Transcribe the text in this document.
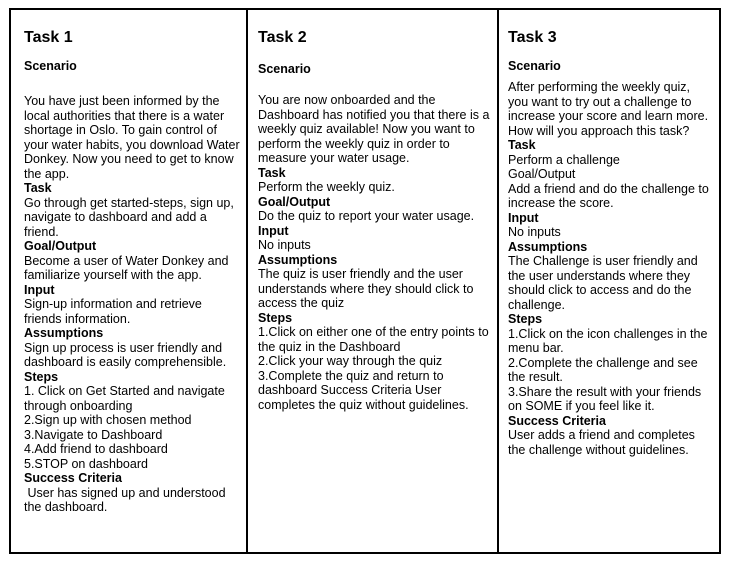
Task 1
Scenario
You have just been informed by the local authorities that there is a water shortage in Oslo. To gain control of your water habits, you download Water Donkey. Now you need to get to know the app.
Task
Go through get started-steps, sign up, navigate to dashboard and add a friend.
Goal/Output
Become a user of Water Donkey and familiarize yourself with the app.
Input
Sign-up information and retrieve friends information.
Assumptions
Sign up process is user friendly and dashboard is easily comprehensible.
Steps
1. Click on Get Started and navigate through onboarding
2.Sign up with chosen method
3.Navigate to Dashboard
4.Add friend to dashboard
5.STOP on dashboard
Success Criteria
User has signed up and understood the dashboard.
Task 2
Scenario
You are now onboarded and the Dashboard has notified you that there is a weekly quiz available! Now you want to perform the weekly quiz in order to measure your water usage.
Task
Perform the weekly quiz.
Goal/Output
Do the quiz to report your water usage.
Input
No inputs
Assumptions
The quiz is user friendly and the user understands where they should click to access the quiz
Steps
1.Click on either one of the entry points to the quiz in the Dashboard
2.Click your way through the quiz
3.Complete the quiz and return to dashboard Success Criteria User completes the quiz without guidelines.
Task 3
Scenario
After performing the weekly quiz, you want to try out a challenge to increase your score and learn more. How will you approach this task?
Task
Perform a challenge
Goal/Output
Add a friend and do the challenge to increase the score.
Input
No inputs
Assumptions
The Challenge is user friendly and the user understands where they should click to access and do the challenge.
Steps
1.Click on the icon challenges in the menu bar.
2.Complete the challenge and see the result.
3.Share the result with your friends on SOME if you feel like it.
Success Criteria
User adds a friend and completes the challenge without guidelines.
